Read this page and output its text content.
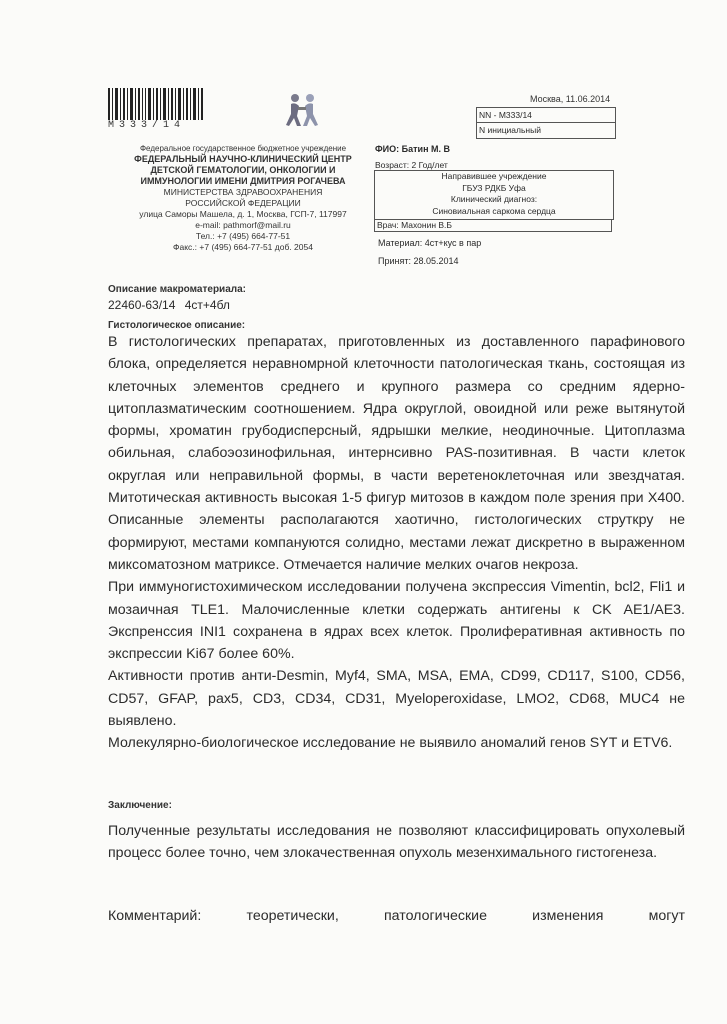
М333/14
Москва, 11.06.2014
NN - M333/14
N инициальный
Федеральное государственное бюджетное учреждение
ФЕДЕРАЛЬНЫЙ НАУЧНО-КЛИНИЧЕСКИЙ ЦЕНТР
ДЕТСКОЙ ГЕМАТОЛОГИИ, ОНКОЛОГИИ И
ИММУНОЛОГИИ ИМЕНИ ДМИТРИЯ РОГАЧЕВА
МИНИСТЕРСТВА ЗДРАВООХРАНЕНИЯ
РОССИЙСКОЙ ФЕДЕРАЦИИ
улица Саморы Машела, д. 1, Москва, ГСП-7, 117997
e-mail: pathmorf@mail.ru
Тел.: +7 (495) 664-77-51
Факс.: +7 (495) 664-77-51 доб. 2054
ФИО: Батин М. В
Возраст: 2 Год/лет
Направившее учреждение
ГБУЗ РДКБ Уфа
Клинический диагноз:
Синовиальная саркома сердца
Врач: Махонин В.Б
Материал: 4ст+кус в пар
Принят: 28.05.2014
Описание макроматериала:
22460-63/14 4ст+4бл
Гистологическое описание:

В гистологических препаратах, приготовленных из доставленного парафинового блока, определяется неравномрной клеточности патологическая ткань, состоящая из клеточных элементов среднего и крупного размера со средним ядерно-цитоплазматическим соотношением. Ядра округлой, овоидной или реже вытянутой формы, хроматин грубодисперсный, ядрышки мелкие, неодиночные. Цитоплазма обильная, слабоэозинофильная, интернсивно PAS-позитивная. В части клеток округлая или неправильной формы, в части веретеноклеточная или звездчатая. Митотическая активность высокая 1-5 фигур митозов в каждом поле зрения при Х400. Описанные элементы располагаются хаотично, гистологических струткру не формируют, местами компануются солидно, местами лежат дискретно в выраженном миксоматозном матриксе. Отмечается наличие мелких очагов некроза.

При иммуногистохимическом исследовании получена экспрессия Vimentin, bcl2, Fli1 и мозаичная TLE1. Малочисленные клетки содержать антигены к CK AE1/AE3. Экспренссия INI1 сохранена в ядрах всех клеток. Пролиферативная активность по экспрессии Ki67 более 60%.

Активности против анти-Desmin, Myf4, SMA, MSA, EMA, CD99, CD117, S100, CD56, CD57, GFAP, pax5, CD3, CD34, CD31, Myeloperoxidase, LMO2, CD68, MUC4 не выявлено.

Молекулярно-биологическое исследование не выявило аномалий генов SYT и ETV6.

Заключение:
Полученные результаты исследования не позволяют классифицировать опухолевый процесс более точно, чем злокачественная опухоль мезенхимального гистогенеза.
Комментарий: теоретически, патологические изменения могут
